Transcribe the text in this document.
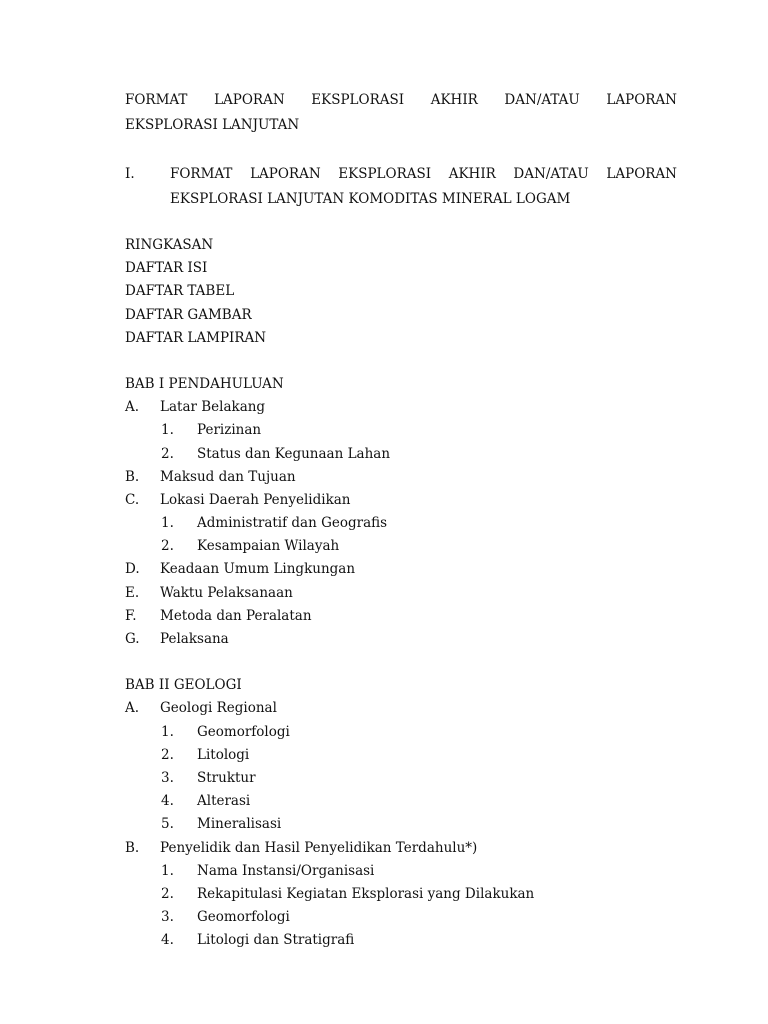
FORMAT LAPORAN EKSPLORASI AKHIR DAN/ATAU LAPORAN
EKSPLORASI LANJUTAN
I.	FORMAT LAPORAN EKSPLORASI AKHIR DAN/ATAU LAPORAN
EKSPLORASI LANJUTAN KOMODITAS MINERAL LOGAM
RINGKASAN
DAFTAR ISI
DAFTAR TABEL
DAFTAR GAMBAR
DAFTAR LAMPIRAN
BAB I PENDAHULUAN
A.	Latar Belakang
1.	Perizinan
2.	Status dan Kegunaan Lahan
B.	Maksud dan Tujuan
C.	Lokasi Daerah Penyelidikan
1.	Administratif dan Geografis
2.	Kesampaian Wilayah
D.	Keadaan Umum Lingkungan
E.	Waktu Pelaksanaan
F.	Metoda dan Peralatan
G.	Pelaksana
BAB II GEOLOGI
A.	Geologi Regional
1.	Geomorfologi
2.	Litologi
3.	Struktur
4.	Alterasi
5.	Mineralisasi
B.	Penyelidik dan Hasil Penyelidikan Terdahulu*)
1.	Nama Instansi/Organisasi
2.	Rekapitulasi Kegiatan Eksplorasi yang Dilakukan
3.	Geomorfologi
4.	Litologi dan Stratigrafi
